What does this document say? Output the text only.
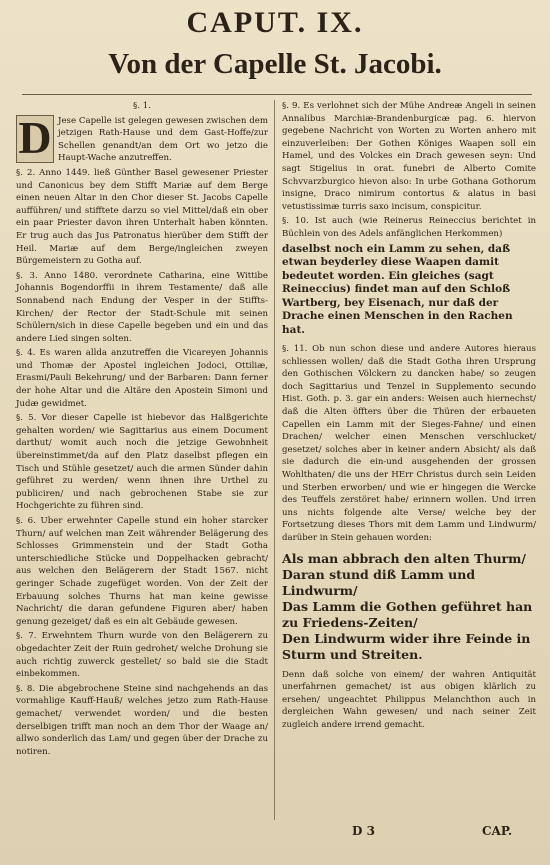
CAPUT. IX.
Von der Capelle St. Jacobi.
§. 1.

D Jese Capelle ist gelegen gewesen zwischen dem jetzigen Rath-Hause und dem Gast-Hoffe/zur Schellen genandt/an dem Ort wo jetzo die Haupt-Wache anzutreffen.

§. 2. Anno 1449. ließ Günther Basel gewesener Priester und Canonicus bey dem Stifft Mariæ auf dem Berge einen neuen Altar in den Chor dieser St. Jacobs Capelle aufführen/ und stifftete darzu so viel Mittel/daß ein ober ein paar Priester davon ihren Unterhalt haben könnten. Er trug auch das Jus Patronatus hierüber dem Stifft der Heil. Mariæ auf dem Berge/ingleichen zweyen Bürgemeistern zu Gotha auf.

§. 3. Anno 1480. verordnete Catharina, eine Wittibe Johannis Bogendorffii in ihrem Testamente/ daß alle Sonnabend nach Endung der Vesper in der Stiffts-Kirchen/ der Rector der Stadt-Schule mit seinen Schülern/sich in diese Capelle begeben und ein und das andere Lied singen solten.

§. 4. Es waren allda anzutreffen die Vicareyen Johannis und Thomæ der Apostel ingleichen Jodoci, Ottiliæ, Erasmi/Pauli Bekehrung/ und der Barbaren: Dann ferner der hohe Altar und die Altäre den Apostein Simoni und Judæ gewidmet.

§. 5. Vor dieser Capelle ist hiebevor das Halßgerichte gehalten worden/ wie Sagittarius aus einem Document darthut/ womit auch noch die jetzige Gewohnheit übereinstimmet/da auf den Platz daselbst pflegen ein Tisch und Stühle gesetzet/ auch die armen Sünder dahin geführet zu werden/ wenn ihnen ihre Urthel zu publiciren/ und nach gebrochenen Stabe sie zur Hochgerichte zu führen sind.

§. 6. Uber erwehnter Capelle stund ein hoher starcker Thurn/ auf welchen man Zeit währender Belägerung des Schlosses Grimmenstein und der Stadt Gotha unterschiedliche Stücke und Doppelhacken gebracht/ aus welchen den Belägerern der Stadt 1567. nicht geringer Schade zugefüget worden. Von der Zeit der Erbauung solches Thurns hat man keine gewisse Nachricht/ die daran gefundene Figuren aber/ haben genung gezeiget/ daß es ein alt Gebäude gewesen.

§. 7. Erwehntem Thurn wurde von den Belägerern zu obgedachter Zeit der Ruin gedrohet/ welche Drohung sie auch richtig zuwerck gestellet/ so bald sie die Stadt einbekommen.

§. 8. Die abgebrochene Steine sind nachgehends an das vormahlige Kauff-Hauß/ welches jetzo zum Rath-Hause gemachet/ verwendet worden/ und die besten derselbigen trifft man noch an dem Thor der Waage an/ allwo sonderlich das Lam/ und gegen über der Drache zu notiren.

§. 9. Es verlohnet sich der Mühe Andreæ Angeli in seinen Annalibus Marchiæ-Brandenburgicæ pag. 6. hiervon gegebene Nachricht von Worten zu Worten anhero mit einzuverleiben: Der Gothen Königes Waapen soll ein Hamel, und des Volckes ein Drach gewesen seyn: Und sagt Stigelius in orat. funebri de Alberto Comite Schvvarzburgico hievon also: In urbe Gothana Gothorum insigne, Draco nimirum contortus & alatus in basi vetustissimæ turris saxo incisum, conspicitur.

§. 10. Ist auch (wie Reinerus Reineccius berichtet in Büchlein von des Adels anfänglichen Herkommen)

daselbst noch ein Lamm zu sehen, daß etwan beyderley diese Waapen damit bedeutet worden. Ein gleiches (sagt Reineccius) findet man auf den Schloß Wartberg, bey Eisenach, nur daß der Drache einen Menschen in den Rachen hat.

§. 11. Ob nun schon diese und andere Autores hieraus schliessen wollen/ daß die Stadt Gotha ihren Ursprung den Gothischen Völckern zu dancken habe/ so zeugen doch Sagittarius und Tenzel in Supplemento secundo Hist. Goth. p. 3. gar ein anders: Weisen auch hiernechst/ daß die Alten öffters über die Thüren der erbaueten Capellen ein Lamm mit der Sieges-Fahne/ und einen Drachen/ welcher einen Menschen verschlucket/ gesetzet/ solches aber in keiner andern Absicht/ als daß sie dadurch die ein-und ausgehenden der grossen Wohlthaten/ die uns der HErr Christus durch sein Leiden und Sterben erworben/ und wie er hingegen die Wercke des Teuffels zerstöret habe/ erinnern wollen. Und irren uns nichts folgende alte Verse/ welche bey der Fortsetzung dieses Thors mit dem Lamm und Lindwurm/ darüber in Stein gehauen worden:

Als man abbrach den alten Thurm/
Daran stund diß Lamm und Lindwurm/
Das Lamm die Gothen geführet han zu Friedens-Zeiten/
Den Lindwurm wider ihre Feinde in Sturm und Streiten.

Denn daß solche von einem/ der wahren Antiquität unerfahrnen gemachet/ ist aus obigen klärlich zu ersehen/ ungeachtet Philippus Melanchthon auch in dergleichen Wahn gewesen/ und nach seiner Zeit zugleich andere irrend gemacht.

D 3	CAP.
